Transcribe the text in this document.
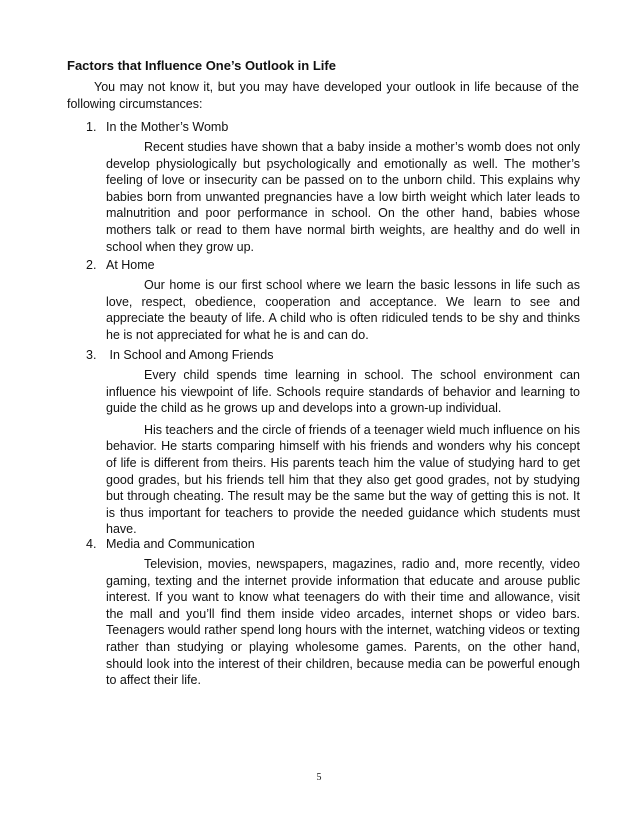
Factors that Influence One’s Outlook in Life

You may not know it, but you may have developed your outlook in life because of the following circumstances:

1. In the Mother’s Womb

Recent studies have shown that a baby inside a mother’s womb does not only develop physiologically but psychologically and emotionally as well. The mother’s feeling of love or insecurity can be passed on to the unborn child. This explains why babies born from unwanted pregnancies have a low birth weight which later leads to malnutrition and poor performance in school. On the other hand, babies whose mothers talk or read to them have normal birth weights, are healthy and do well in school when they grow up.

2. At Home

Our home is our first school where we learn the basic lessons in life such as love, respect, obedience, cooperation and acceptance. We learn to see and appreciate the beauty of life. A child who is often ridiculed tends to be shy and thinks he is not appreciated for what he is and can do.

3. In School and Among Friends

Every child spends time learning in school. The school environment can influence his viewpoint of life. Schools require standards of behavior and learning to guide the child as he grows up and develops into a grown-up individual.

His teachers and the circle of friends of a teenager wield much influence on his behavior. He starts comparing himself with his friends and wonders why his concept of life is different from theirs. His parents teach him the value of studying hard to get good grades, but his friends tell him that they also get good grades, not by studying but through cheating. The result may be the same but the way of getting this is not. It is thus important for teachers to provide the needed guidance which students must have.

4. Media and Communication

Television, movies, newspapers, magazines, radio and, more recently, video gaming, texting and the internet provide information that educate and arouse public interest. If you want to know what teenagers do with their time and allowance, visit the mall and you’ll find them inside video arcades, internet shops or video bars. Teenagers would rather spend long hours with the internet, watching videos or texting rather than studying or playing wholesome games. Parents, on the other hand, should look into the interest of their children, because media can be powerful enough to affect their life.

5
